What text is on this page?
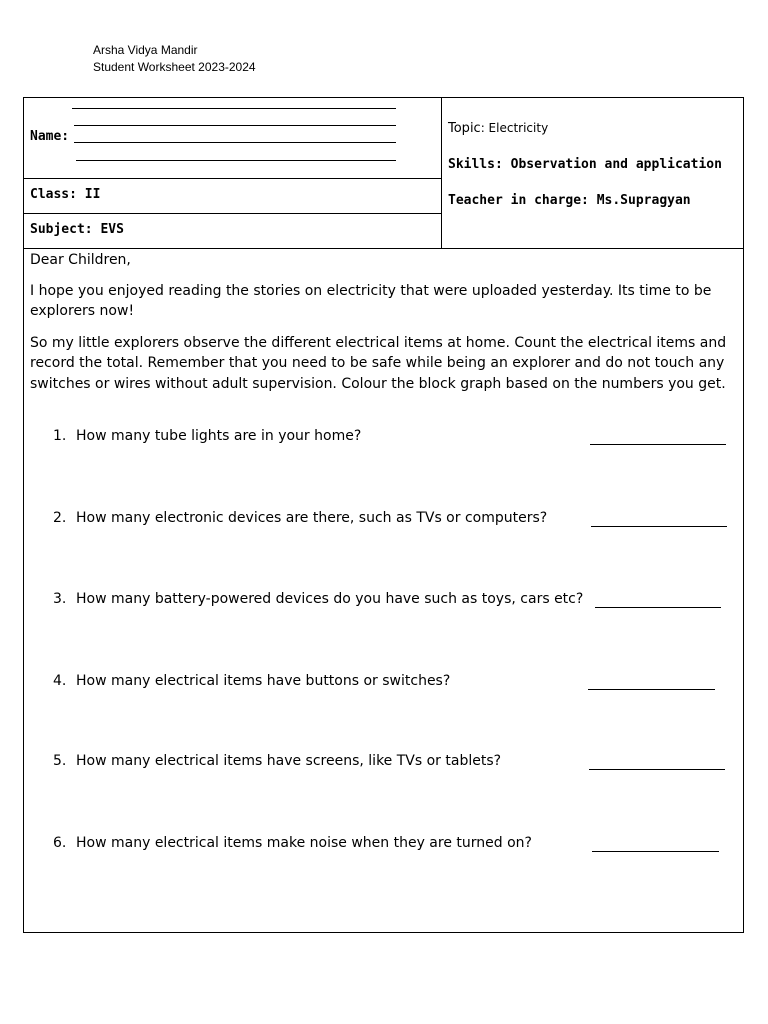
Arsha Vidya Mandir
Student Worksheet 2023-2024
Name:
Class: II
Subject: EVS
Topic: Electricity
Skills: Observation and application
Teacher in charge: Ms.Supragyan

Dear Children,

I hope you enjoyed reading the stories on electricity that were uploaded yesterday. Its time to be explorers now!

So my little explorers observe the different electrical items at home. Count the electrical items and record the total. Remember that you need to be safe while being an explorer and do not touch any switches or wires without adult supervision. Colour the block graph based on the numbers you get.

1. How many tube lights are in your home?
2. How many electronic devices are there, such as TVs or computers?
3. How many battery-powered devices do you have such as toys, cars etc?
4. How many electrical items have buttons or switches?
5. How many electrical items have screens, like TVs or tablets?
6. How many electrical items make noise when they are turned on?
